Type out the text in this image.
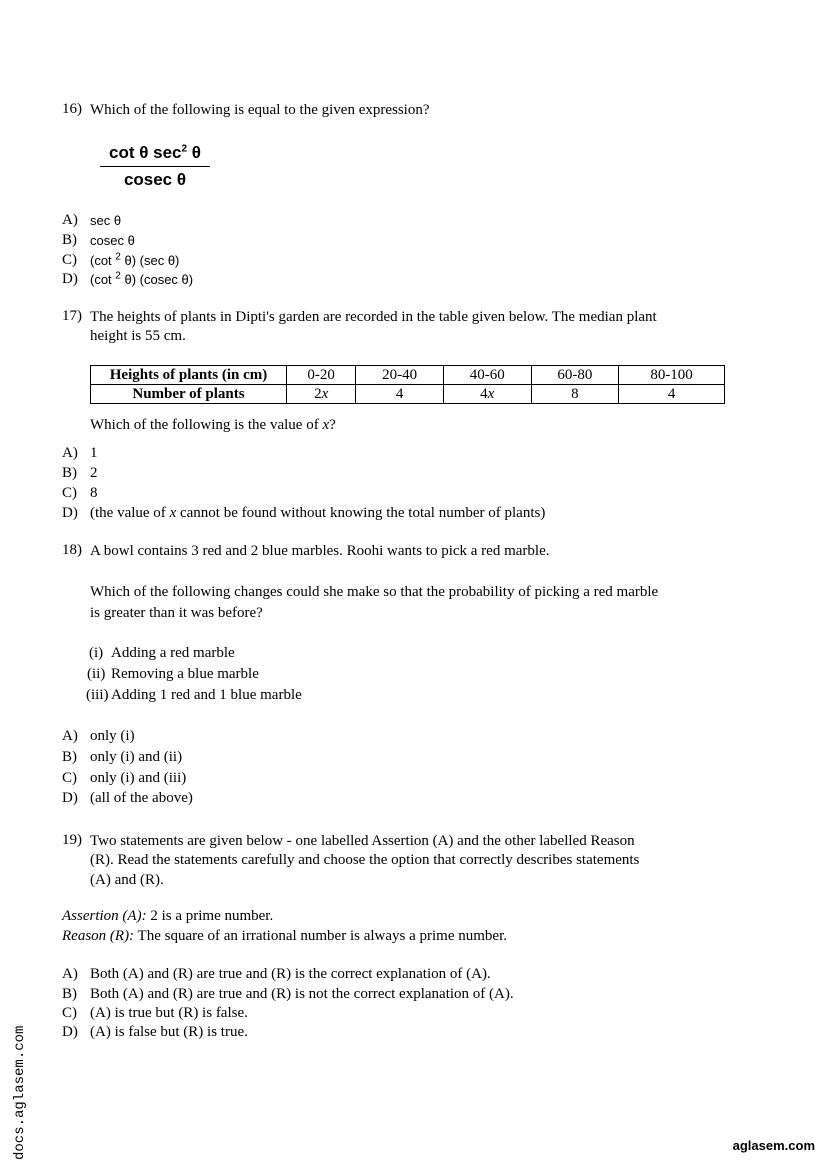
16) Which of the following is equal to the given expression?
cot θ $\sec^2 \theta$
cosec θ
A) sec θ
B) cosec θ
C) (cot $^2$ θ) (sec θ)
D) (cot $^2$ θ) (cosec θ)
17) The heights of plants in Dipti's garden are recorded in the table given below. The median plant
height is 55 cm.
Heights of plants (in cm)	0-20	20-40	40-60	60-80	80-100
Number of plants	2x	4	4x	8	4
Which of the following is the value of x?
A) 1
B) 2
C) 8
D) (the value of x cannot be found without knowing the total number of plants)
18) A bowl contains 3 red and 2 blue marbles. Roohi wants to pick a red marble.
Which of the following changes could she make so that the probability of picking a red marble
is greater than it was before?
(i) Adding a red marble
(ii) Removing a blue marble
(iii) Adding 1 red and 1 blue marble
A) only (i)
B) only (i) and (ii)
C) only (i) and (iii)
D) (all of the above)
19) Two statements are given below - one labelled Assertion (A) and the other labelled Reason
(R). Read the statements carefully and choose the option that correctly describes statements
(A) and (R).
Assertion (A): 2 is a prime number.
Reason (R): The square of an irrational number is always a prime number.
A) Both (A) and (R) are true and (R) is the correct explanation of (A).
B) Both (A) and (R) are true and (R) is not the correct explanation of (A).
C) (A) is true but (R) is false.
D) (A) is false but (R) is true.
docs.aglasem.com	aglasem.com
